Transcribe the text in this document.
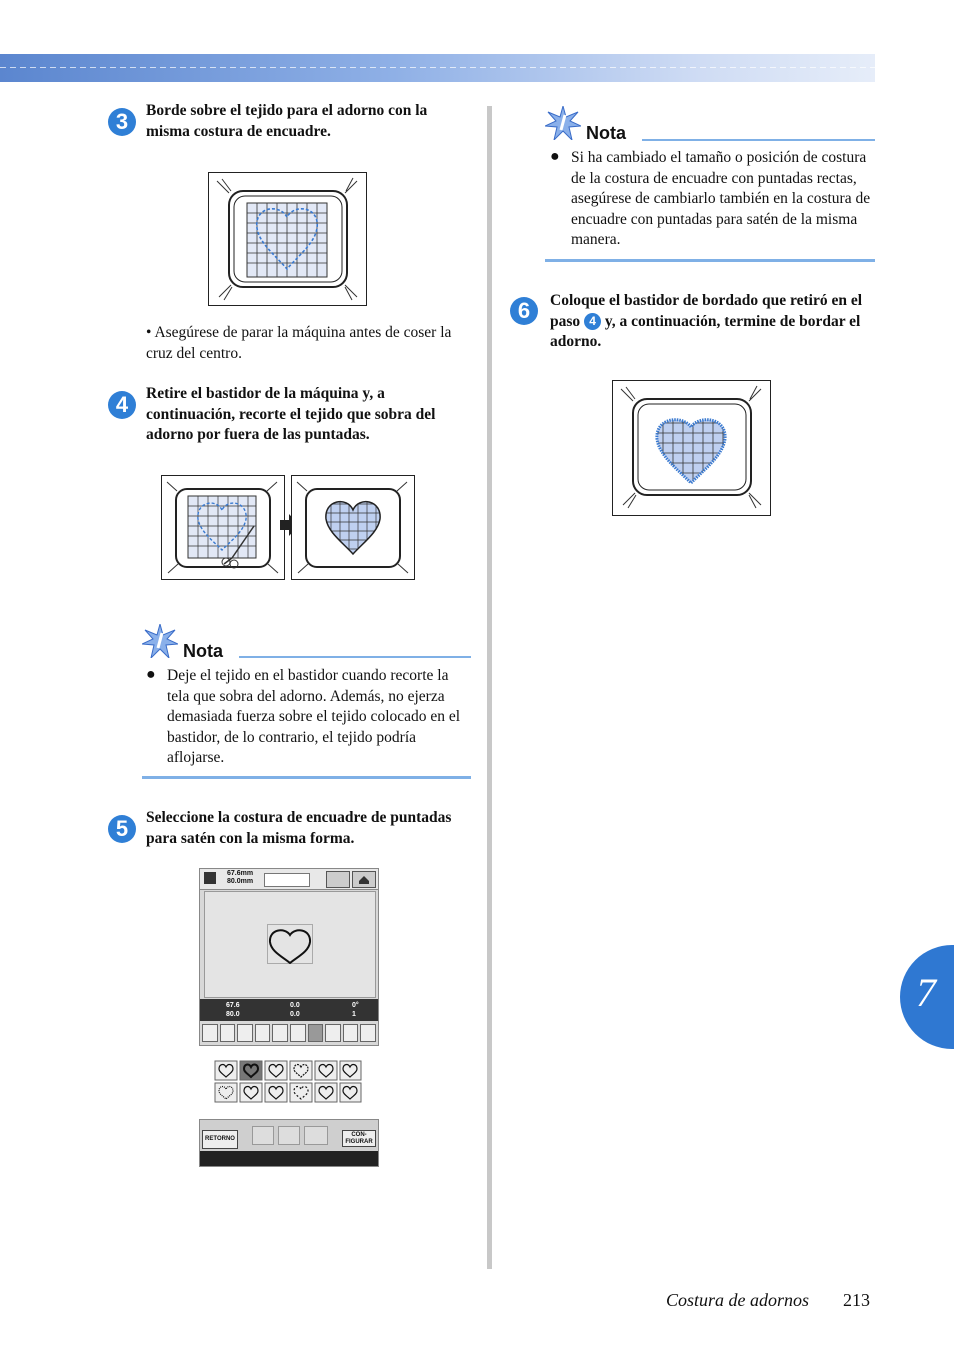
3	Borde sobre el tejido para el adorno con la misma costura de encuadre.
• Asegúrese de parar la máquina antes de coser la cruz del centro.
4	Retire el bastidor de la máquina y, a continuación, recorte el tejido que sobra del adorno por fuera de las puntadas.
Nota
● Deje el tejido en el bastidor cuando recorte la tela que sobra del adorno. Además, no ejerza demasiada fuerza sobre el tejido colocado en el bastidor, de lo contrario, el tejido podría aflojarse.
5	Seleccione la costura de encuadre de puntadas para satén con la misma forma.
67.6mm
80.0mm
67.6
80.0
0.0
0.0
0°
1
RETORNO
CON-
FIGURAR
Nota
● Si ha cambiado el tamaño o posición de costura de la costura de encuadre con puntadas rectas, asegúrese de cambiarlo también en la costura de encuadre con puntadas para satén de la misma manera.
6	Coloque el bastidor de bordado que retiró en el paso 4 y, a continuación, termine de bordar el adorno.
7
Costura de adornos 213
